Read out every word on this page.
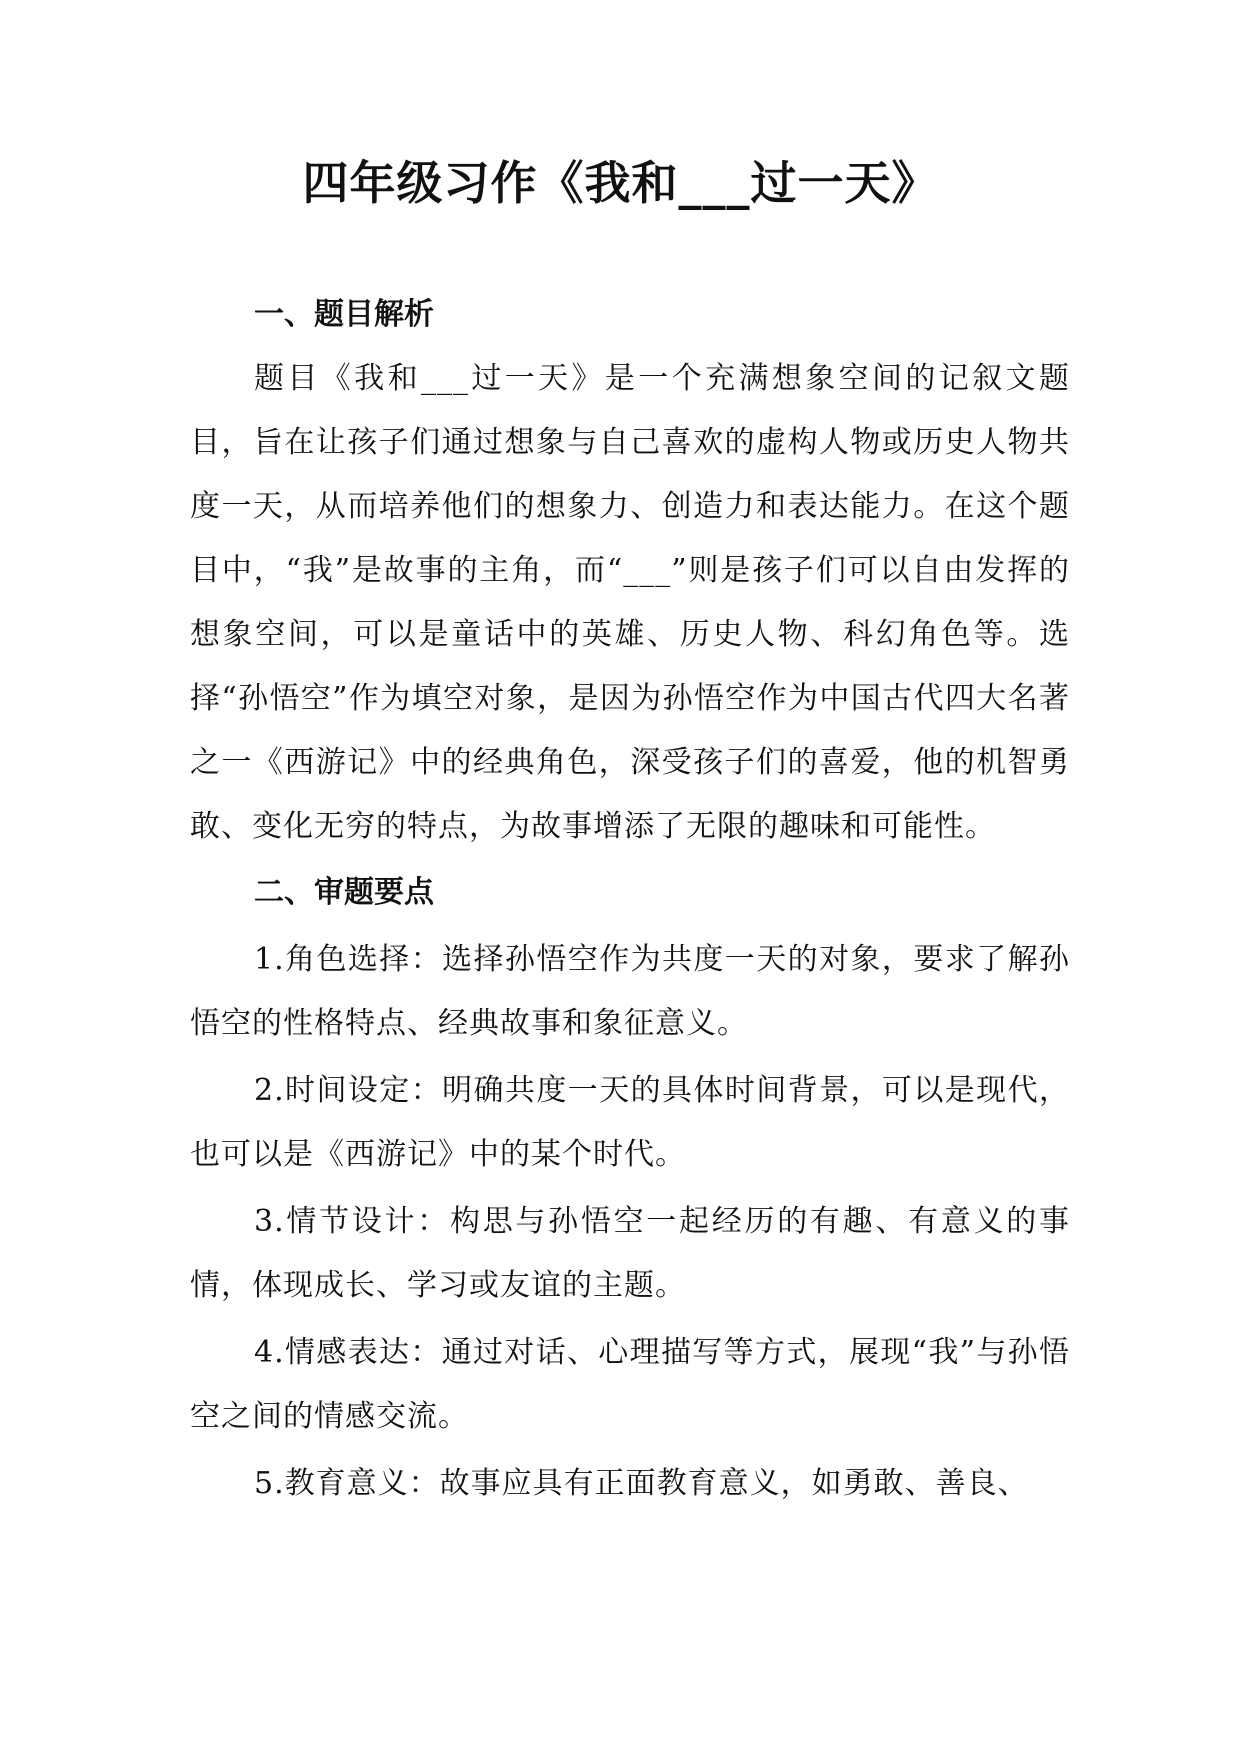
四年级习作《我和___过一天》
一、题目解析

题目《我和___过一天》是一个充满想象空间的记叙文题目，旨在让孩子们通过想象与自己喜欢的虚构人物或历史人物共度一天，从而培养他们的想象力、创造力和表达能力。在这个题目中，“我”是故事的主角，而“___”则是孩子们可以自由发挥的想象空间，可以是童话中的英雄、历史人物、科幻角色等。选择“孙悟空”作为填空对象，是因为孙悟空作为中国古代四大名著之一《西游记》中的经典角色，深受孩子们的喜爱，他的机智勇敢、变化无穷的特点，为故事增添了无限的趣味和可能性。

二、审题要点

1.角色选择：选择孙悟空作为共度一天的对象，要求了解孙悟空的性格特点、经典故事和象征意义。

2.时间设定：明确共度一天的具体时间背景，可以是现代，也可以是《西游记》中的某个时代。

3.情节设计：构思与孙悟空一起经历的有趣、有意义的事情，体现成长、学习或友谊的主题。

4.情感表达：通过对话、心理描写等方式，展现“我”与孙悟空之间的情感交流。

5.教育意义：故事应具有正面教育意义，如勇敢、善良、
